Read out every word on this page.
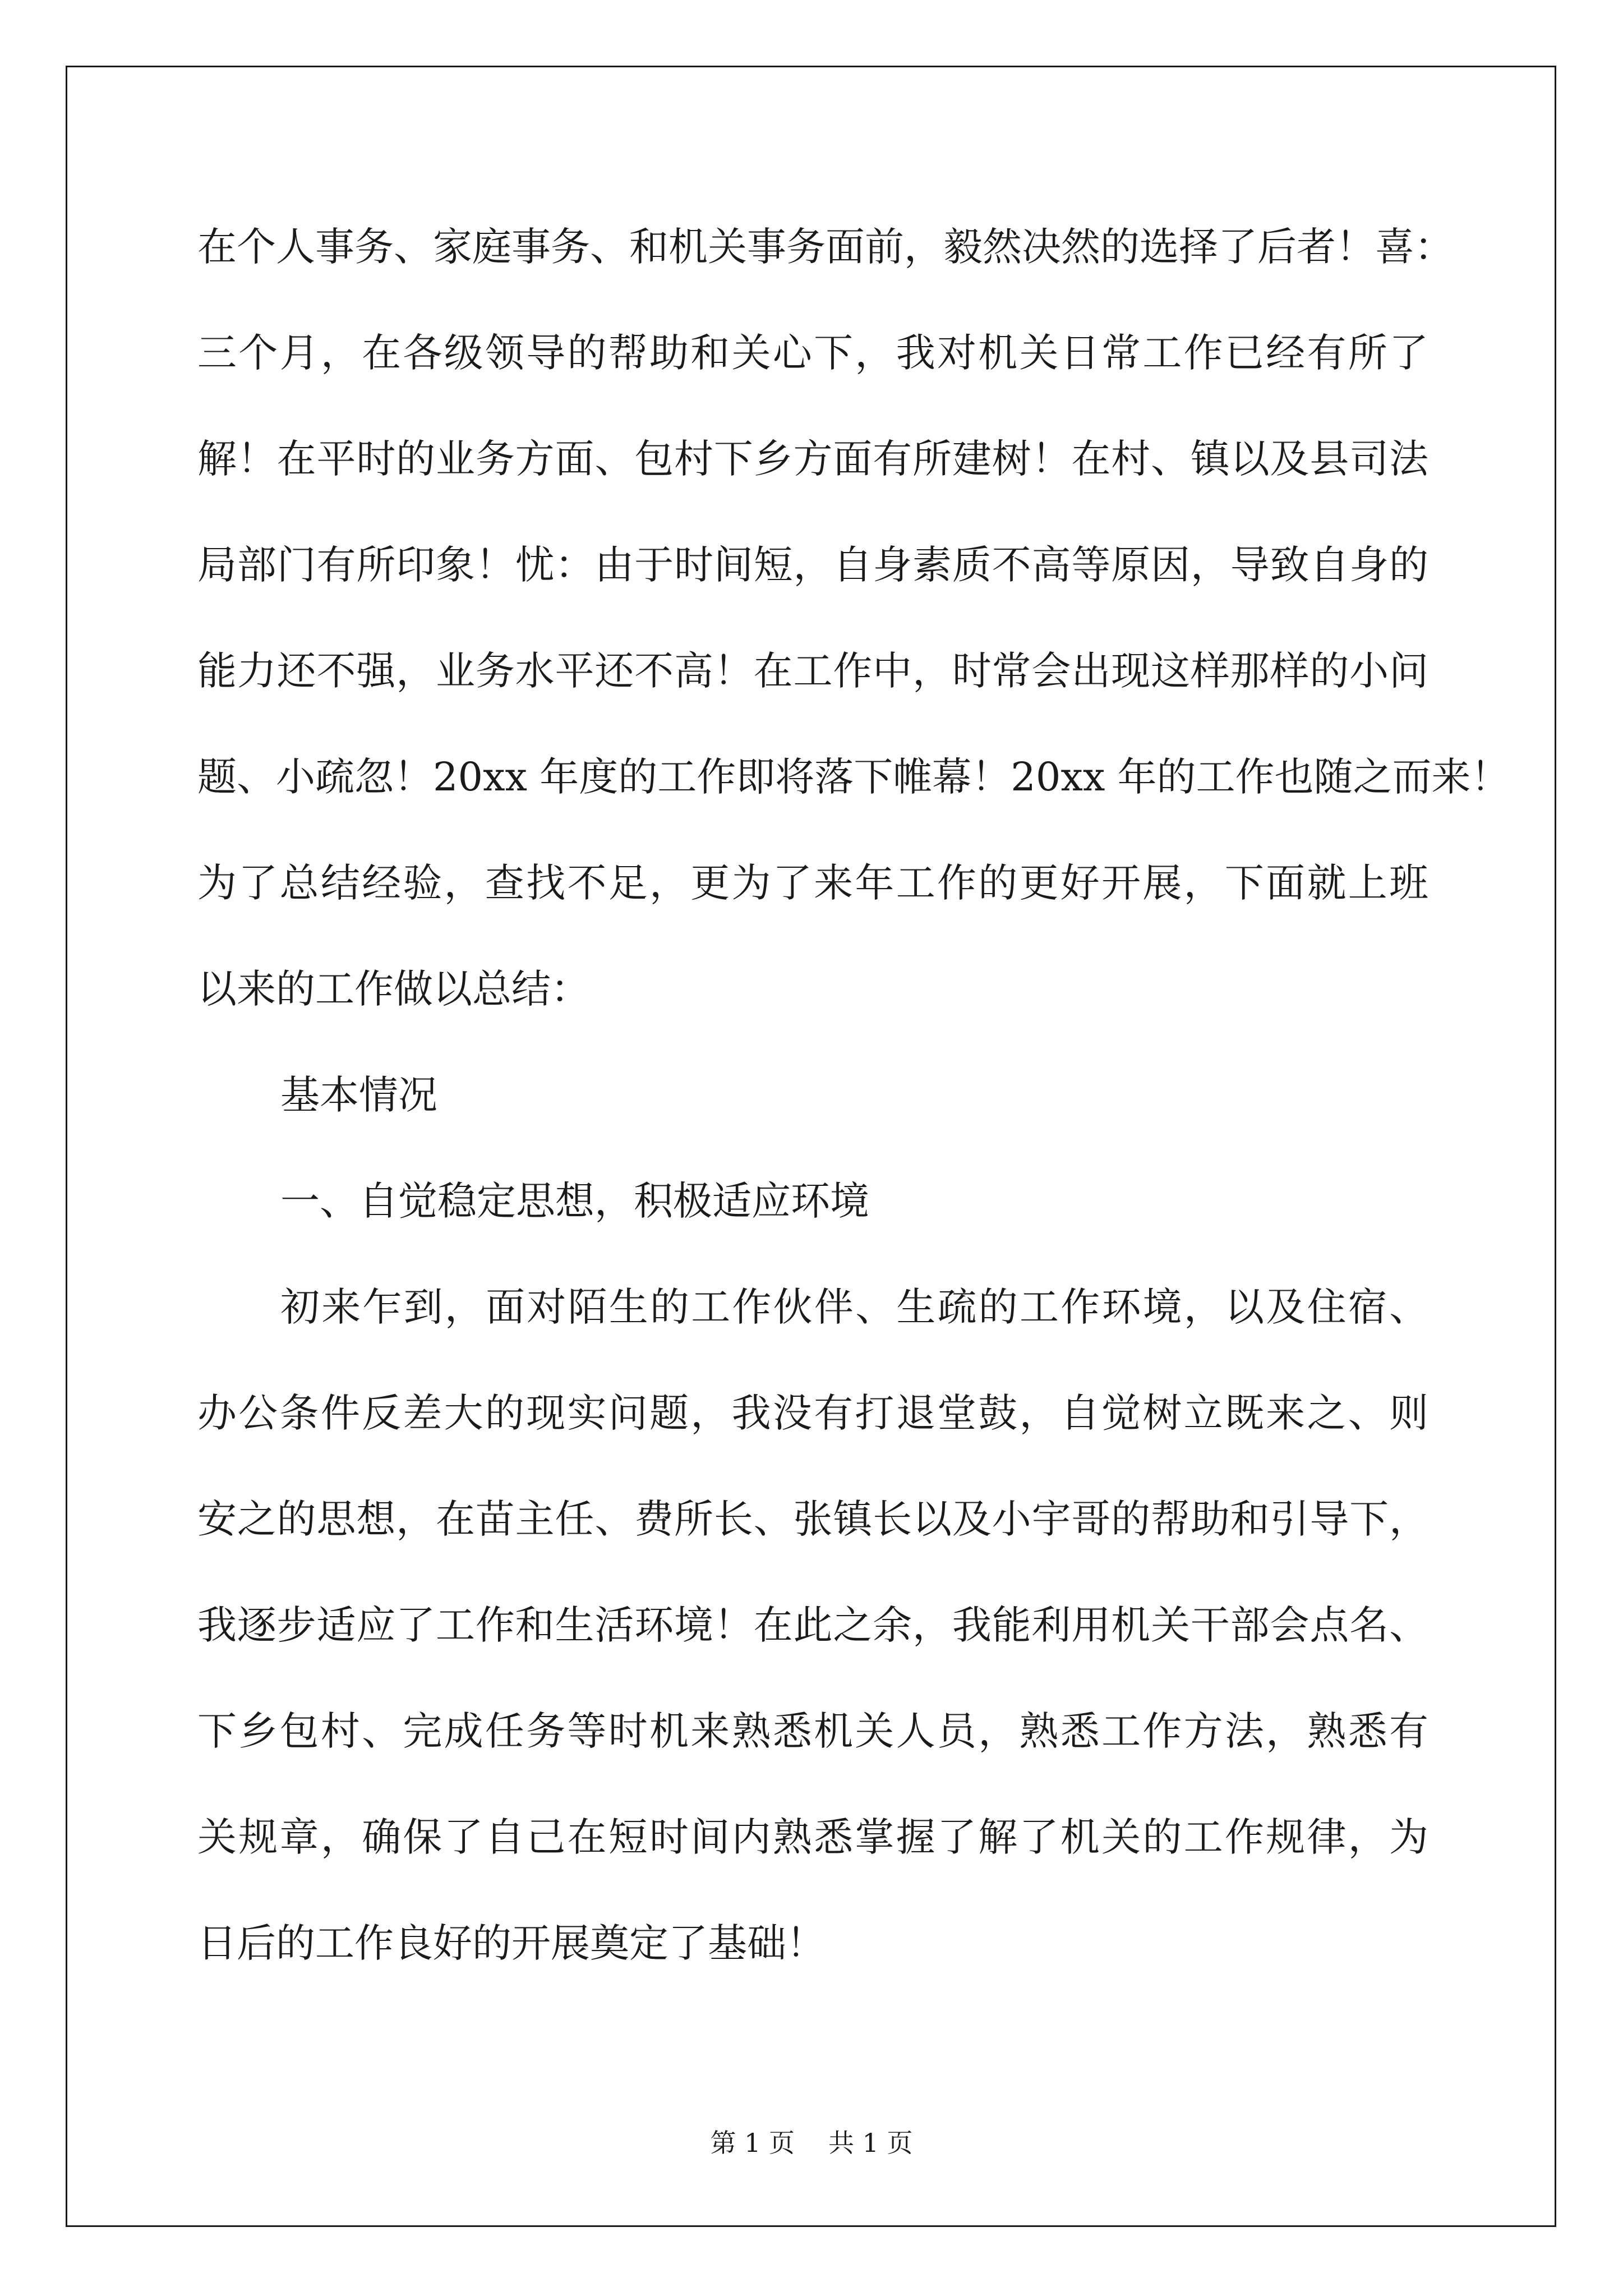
在个人事务、家庭事务、和机关事务面前，毅然决然的选择了后者！喜：
三个月，在各级领导的帮助和关心下，我对机关日常工作已经有所了
解！在平时的业务方面、包村下乡方面有所建树！在村、镇以及县司法
局部门有所印象！忧：由于时间短，自身素质不高等原因，导致自身的
能力还不强，业务水平还不高！在工作中，时常会出现这样那样的小问
题、小疏忽！20xx 年度的工作即将落下帷幕！20xx 年的工作也随之而来！
为了总结经验，查找不足，更为了来年工作的更好开展，下面就上班
以来的工作做以总结：
基本情况
一、自觉稳定思想，积极适应环境
初来乍到，面对陌生的工作伙伴、生疏的工作环境，以及住宿、
办公条件反差大的现实问题，我没有打退堂鼓，自觉树立既来之、则
安之的思想，在苗主任、费所长、张镇长以及小宇哥的帮助和引导下，
我逐步适应了工作和生活环境！在此之余，我能利用机关干部会点名、
下乡包村、完成任务等时机来熟悉机关人员，熟悉工作方法，熟悉有
关规章，确保了自己在短时间内熟悉掌握了解了机关的工作规律，为
日后的工作良好的开展奠定了基础！
第 1 页 共 1 页
